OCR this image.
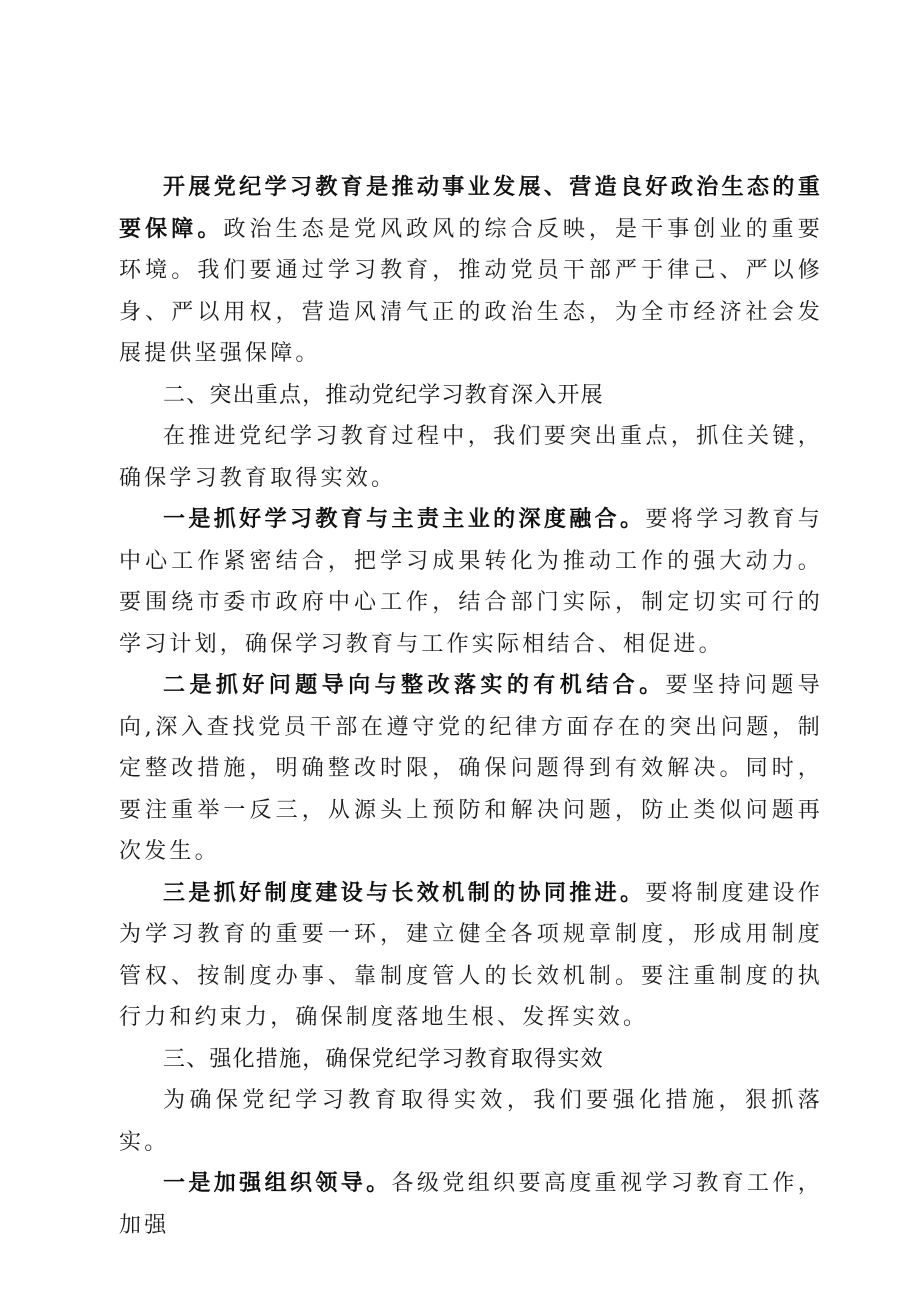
开展党纪学习教育是推动事业发展、营造良好政治生态的重要保障。政治生态是党风政风的综合反映，是干事创业的重要环境。我们要通过学习教育，推动党员干部严于律己、严以修身、严以用权，营造风清气正的政治生态，为全市经济社会发展提供坚强保障。

二、突出重点，推动党纪学习教育深入开展

在推进党纪学习教育过程中，我们要突出重点，抓住关键，确保学习教育取得实效。

一是抓好学习教育与主责主业的深度融合。要将学习教育与中心工作紧密结合，把学习成果转化为推动工作的强大动力。要围绕市委市政府中心工作，结合部门实际，制定切实可行的学习计划，确保学习教育与工作实际相结合、相促进。

二是抓好问题导向与整改落实的有机结合。要坚持问题导向,深入查找党员干部在遵守党的纪律方面存在的突出问题，制定整改措施，明确整改时限，确保问题得到有效解决。同时，要注重举一反三，从源头上预防和解决问题，防止类似问题再次发生。

三是抓好制度建设与长效机制的协同推进。要将制度建设作为学习教育的重要一环，建立健全各项规章制度，形成用制度管权、按制度办事、靠制度管人的长效机制。要注重制度的执行力和约束力，确保制度落地生根、发挥实效。

三、强化措施，确保党纪学习教育取得实效

为确保党纪学习教育取得实效，我们要强化措施，狠抓落实。

一是加强组织领导。各级党组织要高度重视学习教育工作，加强
